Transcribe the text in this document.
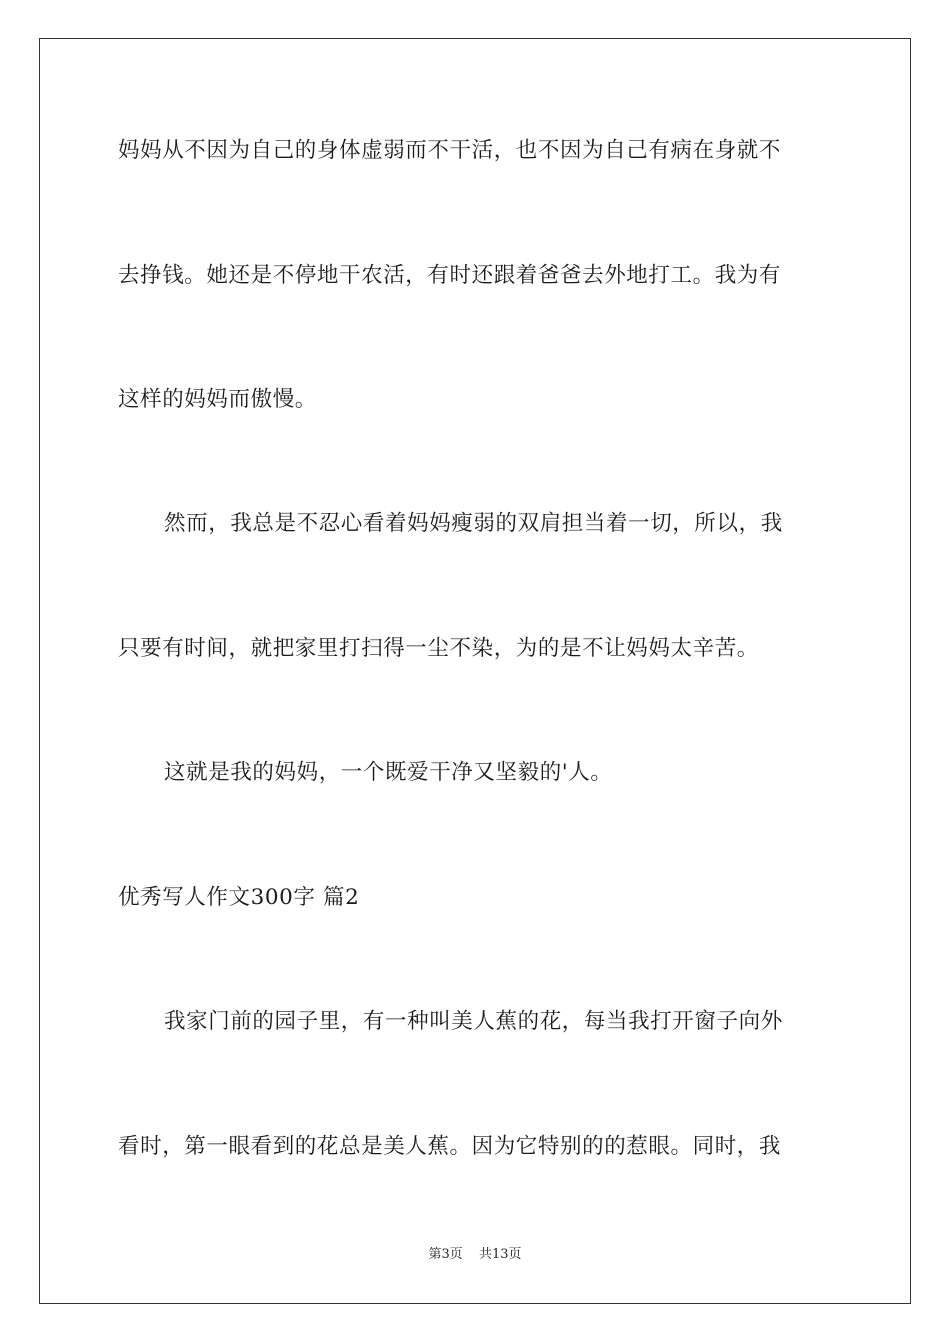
妈妈从不因为自己的身体虚弱而不干活，也不因为自己有病在身就不
去挣钱。她还是不停地干农活，有时还跟着爸爸去外地打工。我为有
这样的妈妈而傲慢。
然而，我总是不忍心看着妈妈瘦弱的双肩担当着一切，所以，我
只要有时间，就把家里打扫得一尘不染，为的是不让妈妈太辛苦。
这就是我的妈妈，一个既爱干净又坚毅的'人。
优秀写人作文300字 篇2
我家门前的园子里，有一种叫美人蕉的花，每当我打开窗子向外
看时，第一眼看到的花总是美人蕉。因为它特别的的惹眼。同时，我
第3页 共13页
